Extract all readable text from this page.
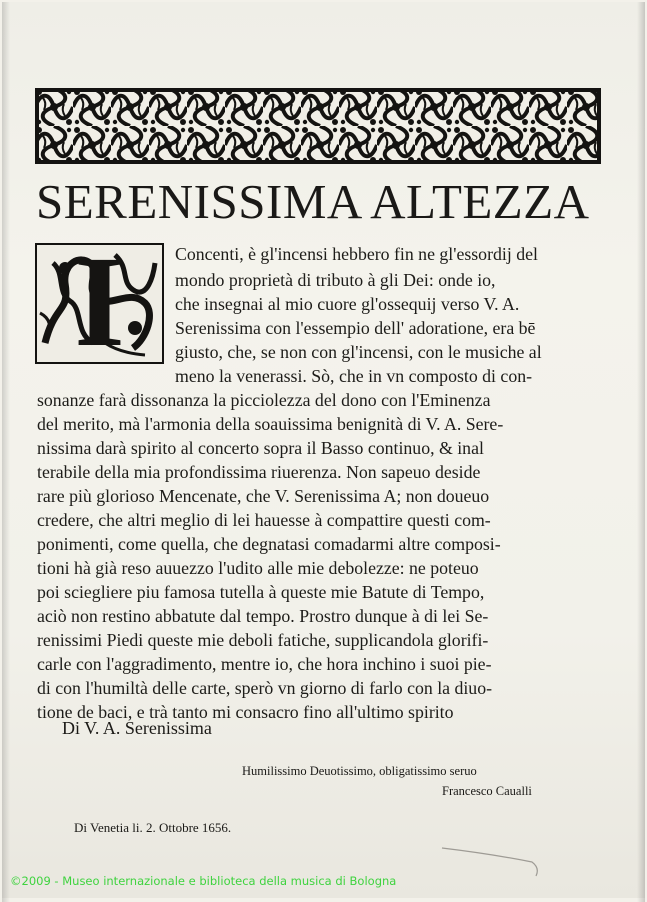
SERENISSIMA ALTEZZA
I	Concenti, è gl'incensi hebbero fin ne gl'essordij del
mondo proprietà di tributo à gli Dei: onde io,
che insegnai al mio cuore gl'ossequij verso V. A.
Serenissima con l'essempio dell' adoratione, era bē
giusto, che, se non con gl'incensi, con le musiche al
meno la venerassi. Sò, che in vn composto di con-
sonanze farà dissonanza la picciolezza del dono con l'Eminenza
del merito, mà l'armonia della soauissima benignità di V. A. Sere-
nissima darà spirito al concerto sopra il Basso continuo, & inal
terabile della mia profondissima riuerenza. Non sapeuo deside
rare più glorioso Mencenate, che V. Serenissima A; non doueuo
credere, che altri meglio di lei hauesse à compattire questi com-
ponimenti, come quella, che degnatasi comadarmi altre composi-
tioni hà già reso auuezzo l'udito alle mie debolezze: ne poteuo
poi sciegliere piu famosa tutella à queste mie Batute di Tempo,
aciò non restino abbatute dal tempo. Prostro dunque à di lei Se-
renissimi Piedi queste mie deboli fatiche, supplicandola glorifi-
carle con l'aggradimento, mentre io, che hora inchino i suoi pie-
di con l'humiltà delle carte, sperò vn giorno di farlo con la diuo-
tione de baci, e trà tanto mi consacro fino all'ultimo spirito
Di V. A. Serenissima
Humilissimo Deuotissimo, obligatissimo seruo
Francesco Caualli
Di Venetia li. 2. Ottobre 1656.
©2009 - Museo internazionale e biblioteca della musica di Bologna
